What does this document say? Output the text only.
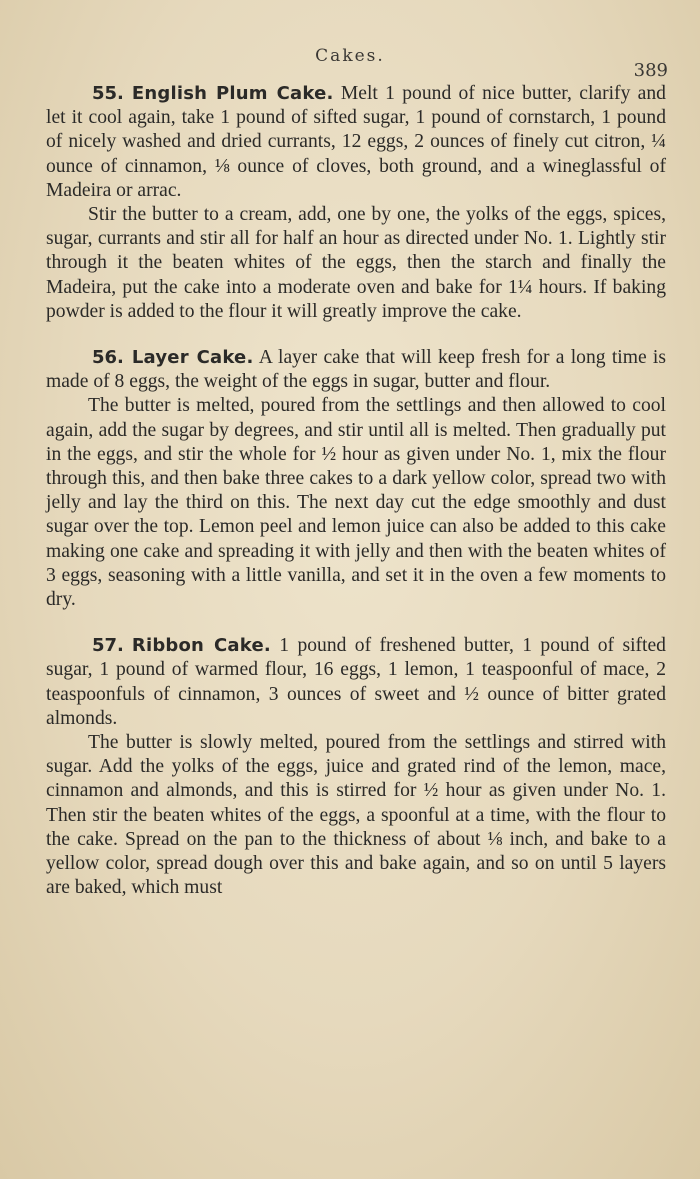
Cakes.
389

55. English Plum Cake. Melt 1 pound of nice butter, clarify and let it cool again, take 1 pound of sifted sugar, 1 pound of cornstarch, 1 pound of nicely washed and dried currants, 12 eggs, 2 ounces of finely cut citron, ¼ ounce of cinnamon, ⅛ ounce of cloves, both ground, and a wineglassful of Madeira or arrac.

Stir the butter to a cream, add, one by one, the yolks of the eggs, spices, sugar, currants and stir all for half an hour as directed under No. 1. Lightly stir through it the beaten whites of the eggs, then the starch and finally the Madeira, put the cake into a moderate oven and bake for 1¼ hours. If baking powder is added to the flour it will greatly improve the cake.

56. Layer Cake. A layer cake that will keep fresh for a long time is made of 8 eggs, the weight of the eggs in sugar, butter and flour.

The butter is melted, poured from the settlings and then allowed to cool again, add the sugar by degrees, and stir until all is melted. Then gradually put in the eggs, and stir the whole for ½ hour as given under No. 1, mix the flour through this, and then bake three cakes to a dark yellow color, spread two with jelly and lay the third on this. The next day cut the edge smoothly and dust sugar over the top. Lemon peel and lemon juice can also be added to this cake making one cake and spreading it with jelly and then with the beaten whites of 3 eggs, seasoning with a little vanilla, and set it in the oven a few moments to dry.

57. Ribbon Cake. 1 pound of freshened butter, 1 pound of sifted sugar, 1 pound of warmed flour, 16 eggs, 1 lemon, 1 teaspoonful of mace, 2 teaspoonfuls of cinnamon, 3 ounces of sweet and ½ ounce of bitter grated almonds.

The butter is slowly melted, poured from the settlings and stirred with sugar. Add the yolks of the eggs, juice and grated rind of the lemon, mace, cinnamon and almonds, and this is stirred for ½ hour as given under No. 1. Then stir the beaten whites of the eggs, a spoonful at a time, with the flour to the cake. Spread on the pan to the thickness of about ⅛ inch, and bake to a yellow color, spread dough over this and bake again, and so on until 5 layers are baked, which must
